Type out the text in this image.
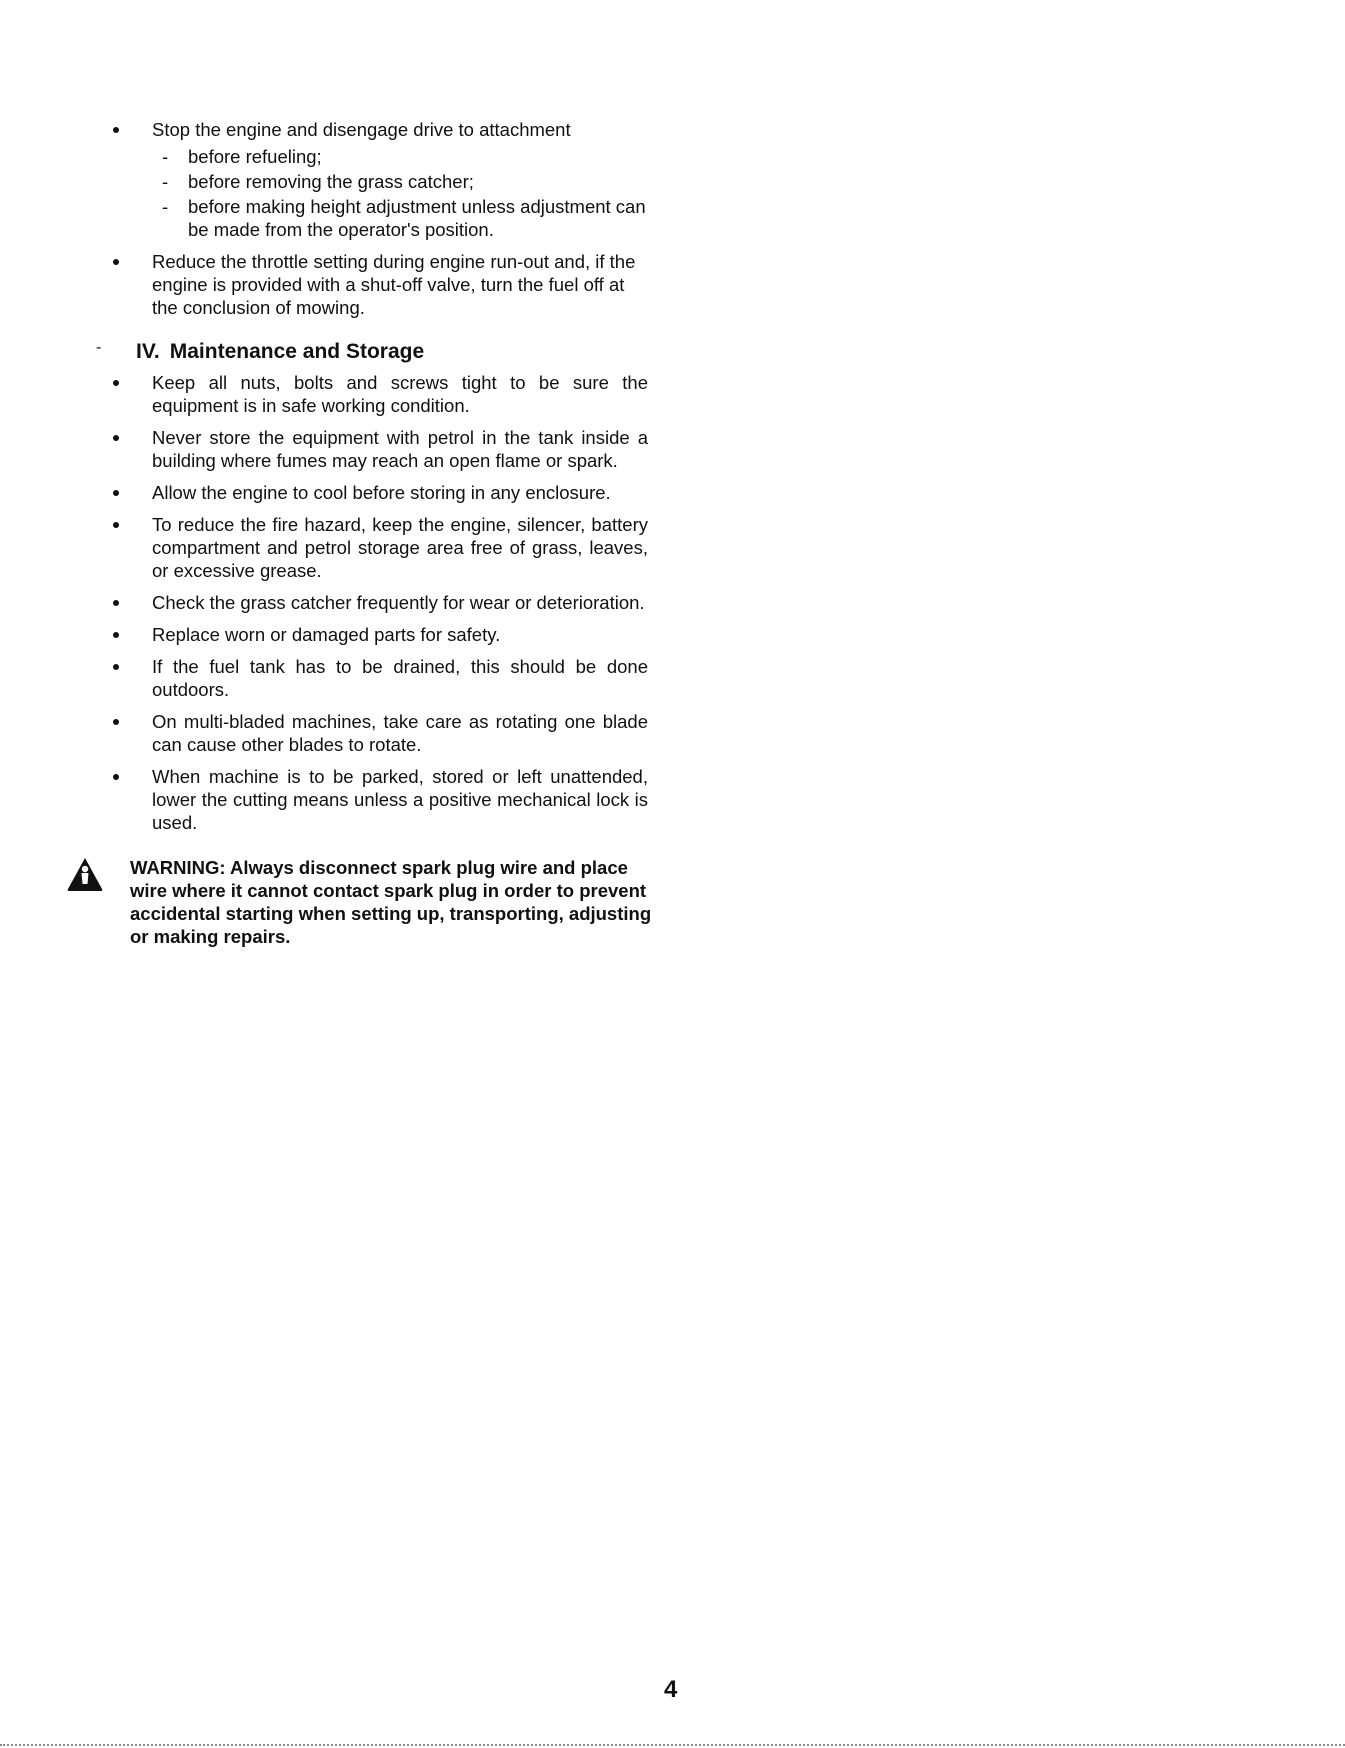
Stop the engine and disengage drive to attachment
- before refueling;
- before removing the grass catcher;
- before making height adjustment unless adjustment can be made from the operator's position.
Reduce the throttle setting during engine run-out and, if the engine is provided with a shut-off valve, turn the fuel off at the conclusion of mowing.
- IV. Maintenance and Storage
Keep all nuts, bolts and screws tight to be sure the equipment is in safe working condition.
Never store the equipment with petrol in the tank inside a building where fumes may reach an open flame or spark.
Allow the engine to cool before storing in any enclosure.
To reduce the fire hazard, keep the engine, silencer, battery compartment and petrol storage area free of grass, leaves, or excessive grease.
Check the grass catcher frequently for wear or deterioration.
Replace worn or damaged parts for safety.
If the fuel tank has to be drained, this should be done outdoors.
On multi-bladed machines, take care as rotating one blade can cause other blades to rotate.
When machine is to be parked, stored or left unattended, lower the cutting means unless a positive mechanical lock is used.
WARNING: Always disconnect spark plug wire and place wire where it cannot contact spark plug in order to prevent accidental starting when setting up, transporting, adjusting or making repairs.
4
